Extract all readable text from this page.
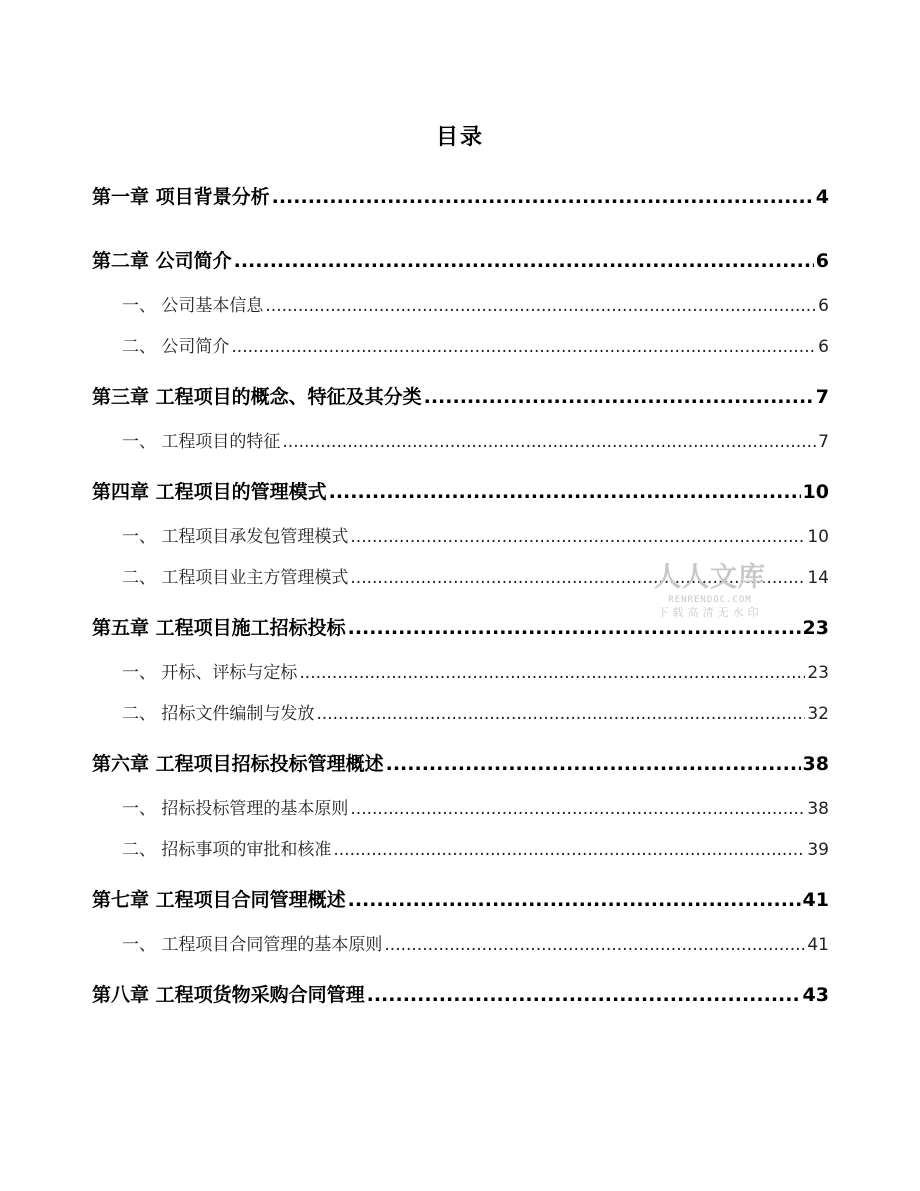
目录
第一章 项目背景分析 .....	4
第二章 公司简介 .....	6
一、 公司基本信息 .....	6
二、 公司简介 .....	6
第三章 工程项目的概念、特征及其分类 .....	7
一、 工程项目的特征 .....	7
第四章 工程项目的管理模式 .....	10
一、 工程项目承发包管理模式 .....	10
二、 工程项目业主方管理模式 .....	14
第五章 工程项目施工招标投标 .....	23
一、 开标、评标与定标 .....	23
二、 招标文件编制与发放 .....	32
第六章 工程项目招标投标管理概述 .....	38
一、 招标投标管理的基本原则 .....	38
二、 招标事项的审批和核准 .....	39
第七章 工程项目合同管理概述 .....	41
一、 工程项目合同管理的基本原则 .....	41
第八章 工程项货物采购合同管理 .....	43
人人文库
RENRENDOC.COM
下载高清无水印
